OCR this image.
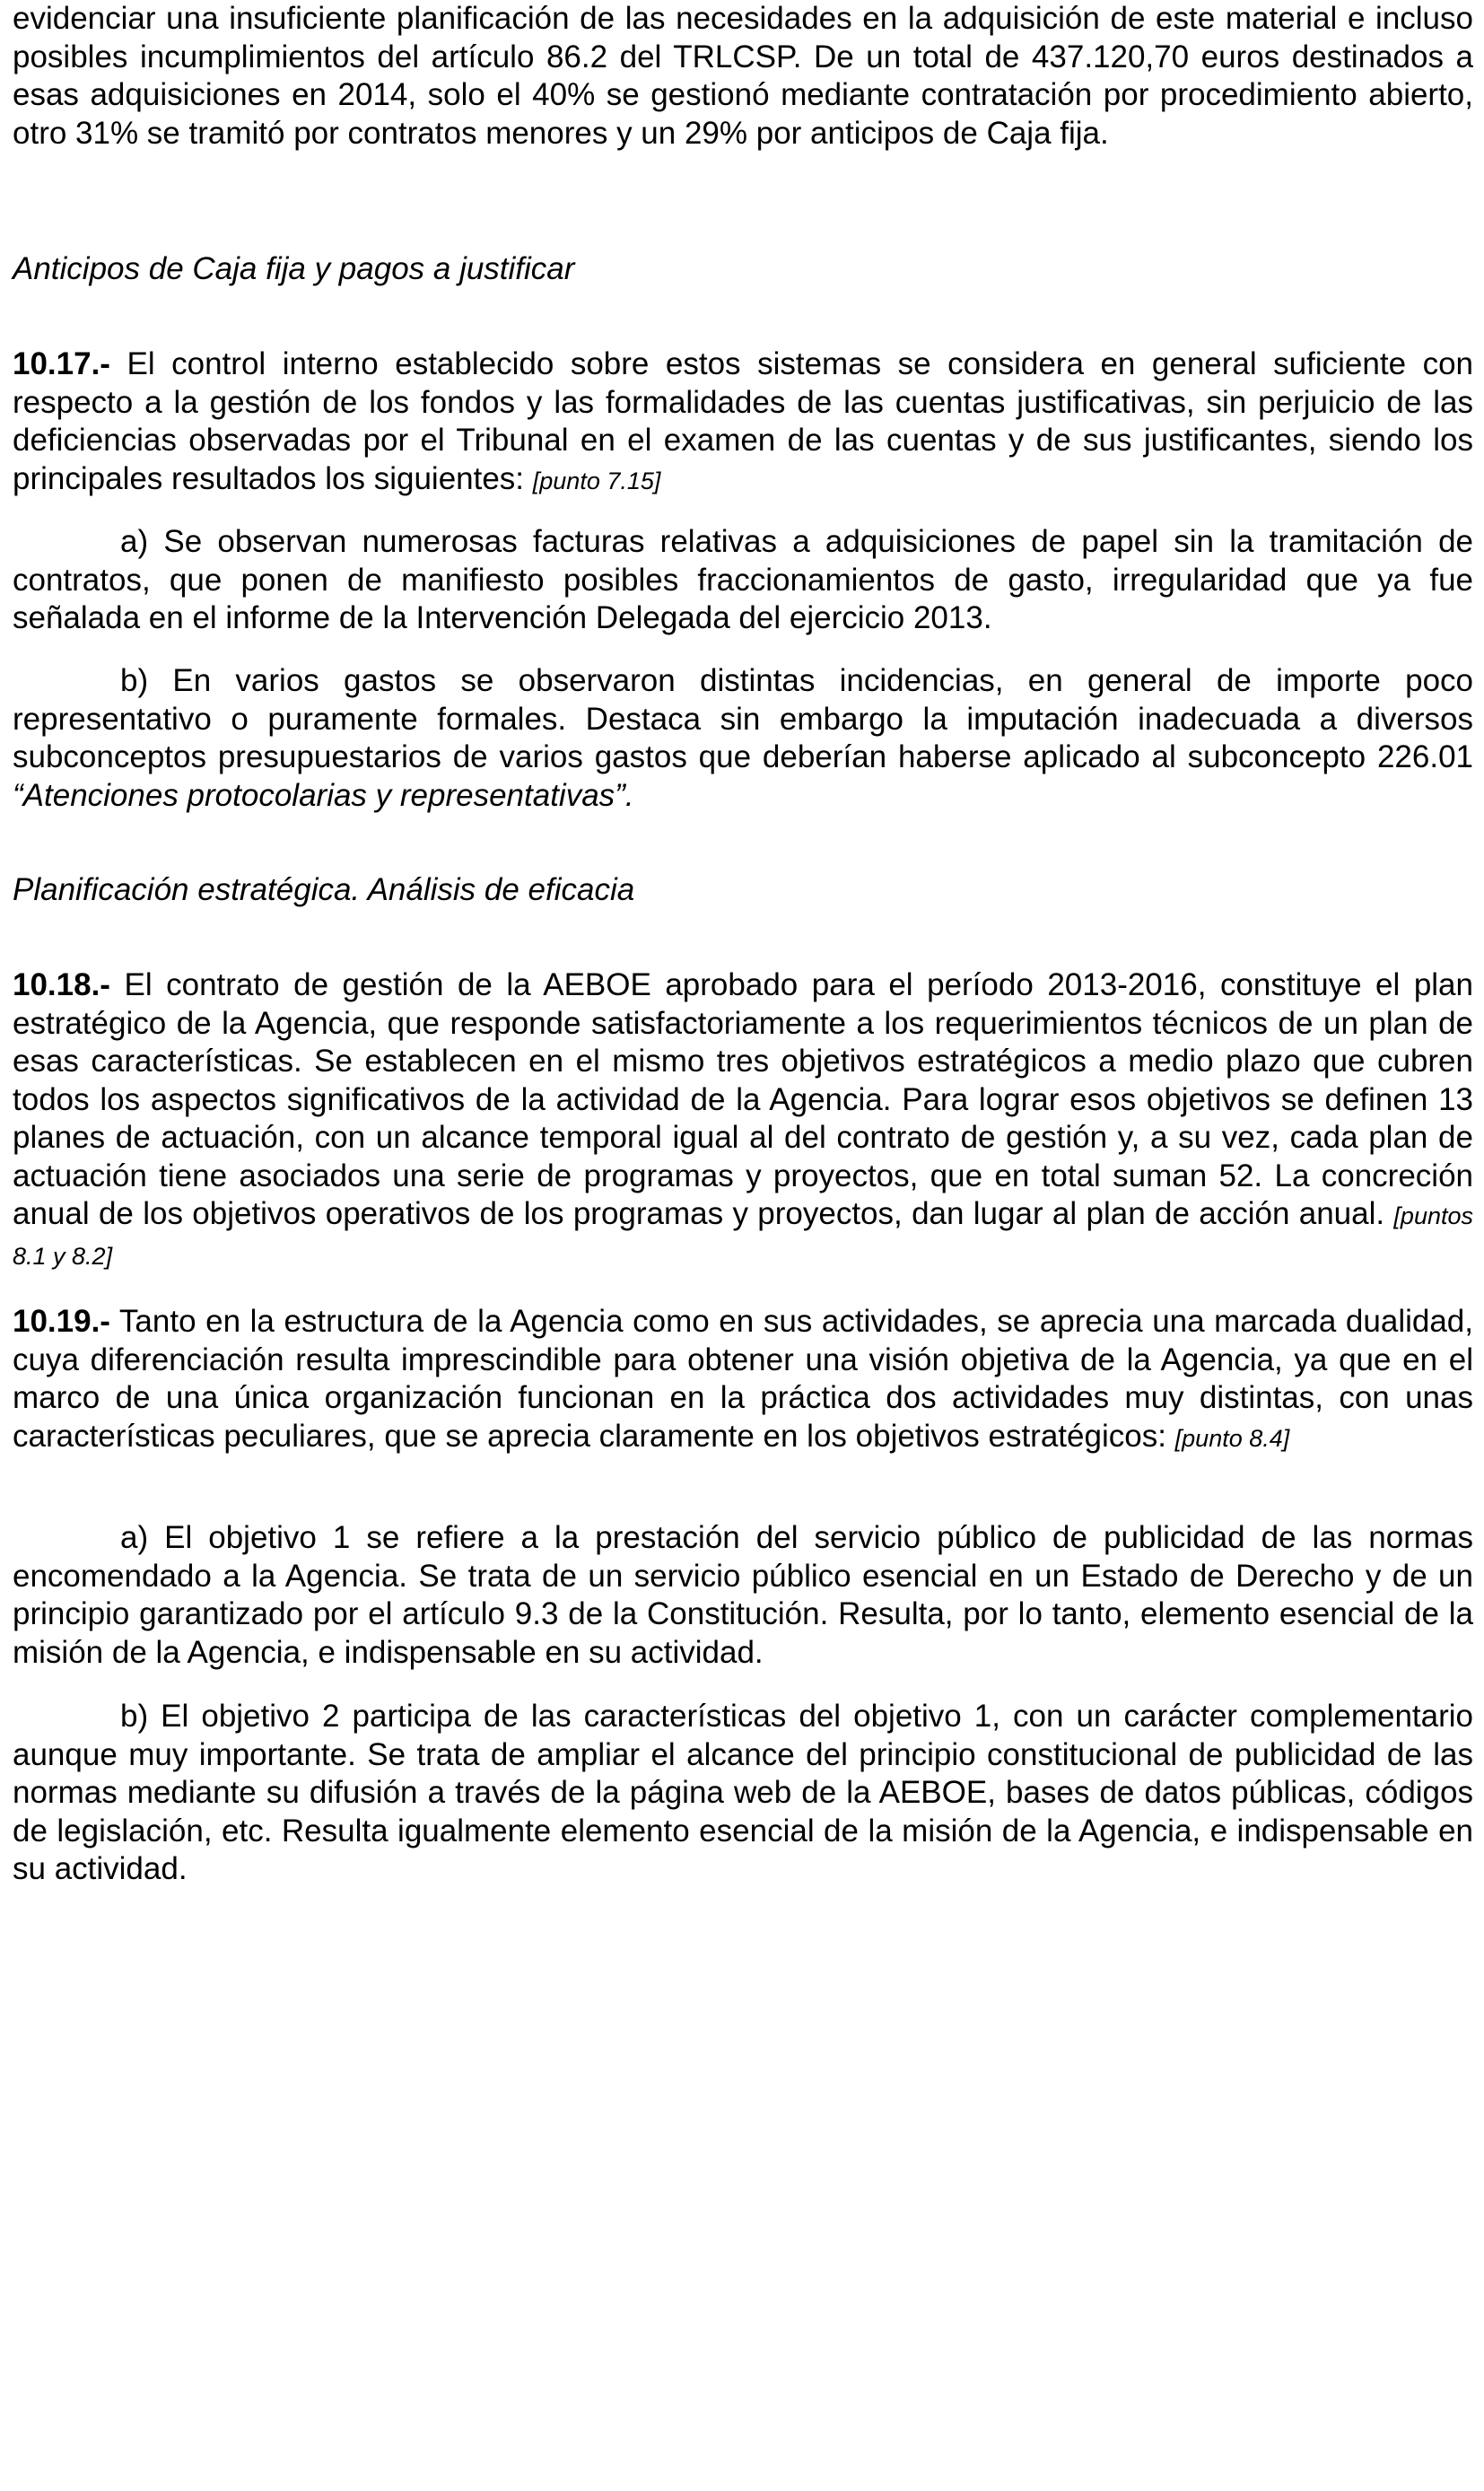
evidenciar una insuficiente planificación de las necesidades en la adquisición de este material e incluso posibles incumplimientos del artículo 86.2 del TRLCSP. De un total de 437.120,70 euros destinados a esas adquisiciones en 2014, solo el 40% se gestionó mediante contratación por procedimiento abierto, otro 31% se tramitó por contratos menores y un 29% por anticipos de Caja fija.

Anticipos de Caja fija y pagos a justificar

10.17.- El control interno establecido sobre estos sistemas se considera en general suficiente con respecto a la gestión de los fondos y las formalidades de las cuentas justificativas, sin perjuicio de las deficiencias observadas por el Tribunal en el examen de las cuentas y de sus justificantes, siendo los principales resultados los siguientes: [punto 7.15]

a) Se observan numerosas facturas relativas a adquisiciones de papel sin la tramitación de contratos, que ponen de manifiesto posibles fraccionamientos de gasto, irregularidad que ya fue señalada en el informe de la Intervención Delegada del ejercicio 2013.

b) En varios gastos se observaron distintas incidencias, en general de importe poco representativo o puramente formales. Destaca sin embargo la imputación inadecuada a diversos subconceptos presupuestarios de varios gastos que deberían haberse aplicado al subconcepto 226.01 “Atenciones protocolarias y representativas”.

Planificación estratégica. Análisis de eficacia

10.18.- El contrato de gestión de la AEBOE aprobado para el período 2013-2016, constituye el plan estratégico de la Agencia, que responde satisfactoriamente a los requerimientos técnicos de un plan de esas características. Se establecen en el mismo tres objetivos estratégicos a medio plazo que cubren todos los aspectos significativos de la actividad de la Agencia. Para lograr esos objetivos se definen 13 planes de actuación, con un alcance temporal igual al del contrato de gestión y, a su vez, cada plan de actuación tiene asociados una serie de programas y proyectos, que en total suman 52. La concreción anual de los objetivos operativos de los programas y proyectos, dan lugar al plan de acción anual. [puntos 8.1 y 8.2]

10.19.- Tanto en la estructura de la Agencia como en sus actividades, se aprecia una marcada dualidad, cuya diferenciación resulta imprescindible para obtener una visión objetiva de la Agencia, ya que en el marco de una única organización funcionan en la práctica dos actividades muy distintas, con unas características peculiares, que se aprecia claramente en los objetivos estratégicos: [punto 8.4]

a) El objetivo 1 se refiere a la prestación del servicio público de publicidad de las normas encomendado a la Agencia. Se trata de un servicio público esencial en un Estado de Derecho y de un principio garantizado por el artículo 9.3 de la Constitución. Resulta, por lo tanto, elemento esencial de la misión de la Agencia, e indispensable en su actividad.

b) El objetivo 2 participa de las características del objetivo 1, con un carácter complementario aunque muy importante. Se trata de ampliar el alcance del principio constitucional de publicidad de las normas mediante su difusión a través de la página web de la AEBOE, bases de datos públicas, códigos de legislación, etc. Resulta igualmente elemento esencial de la misión de la Agencia, e indispensable en su actividad.
